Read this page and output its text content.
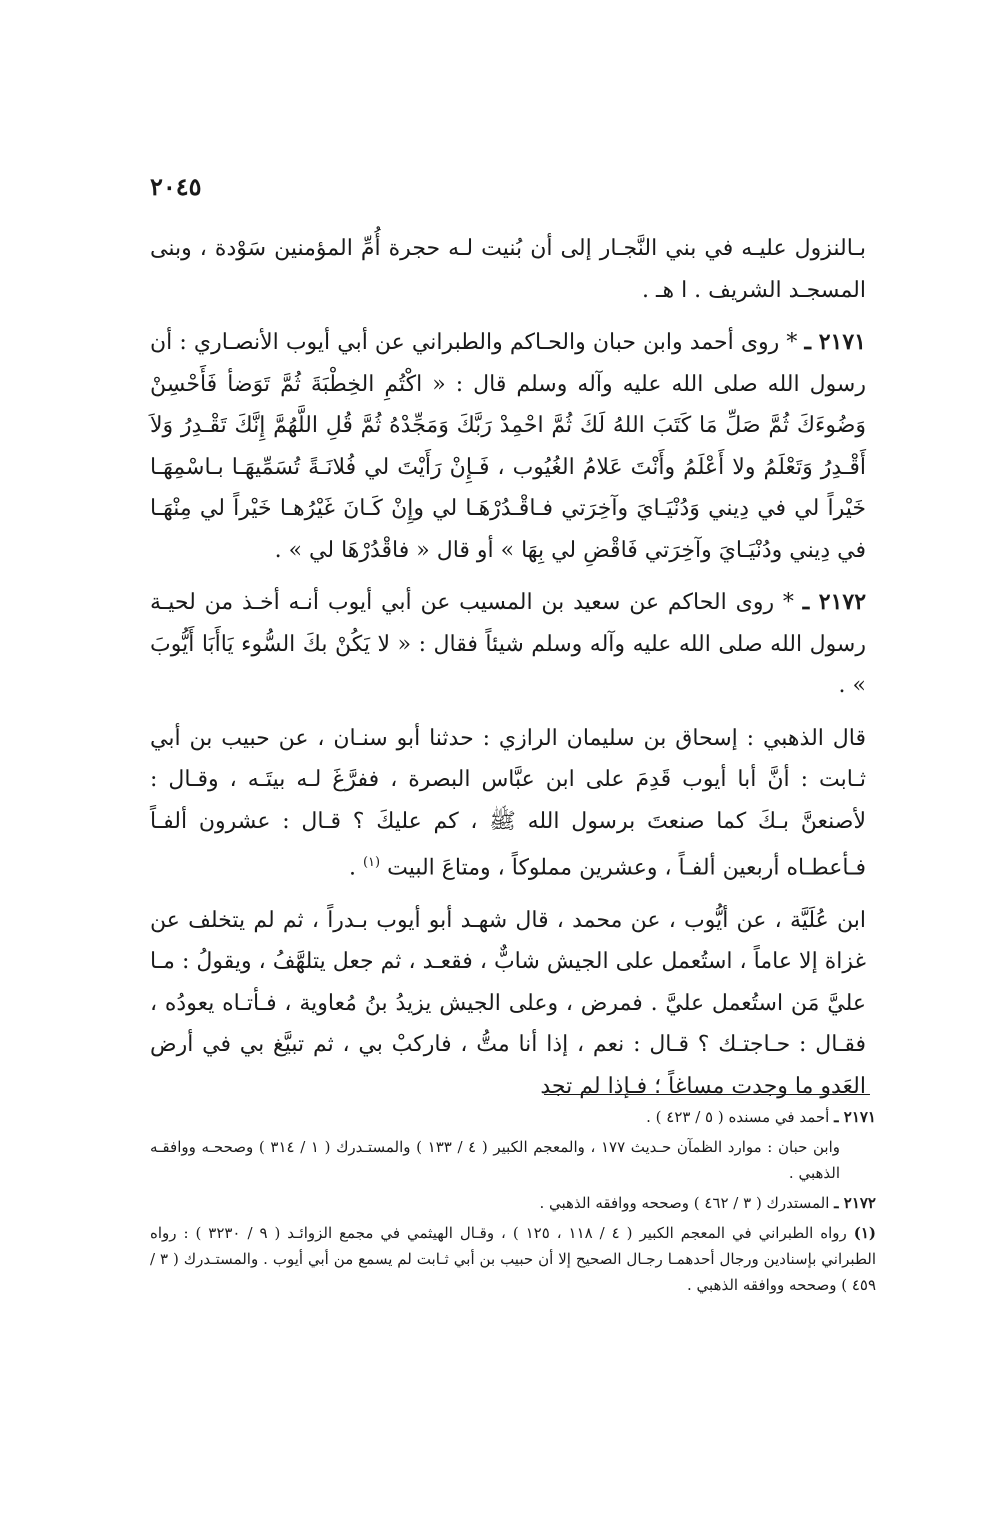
٢٠٤٥

بـالنزول عليـه في بني النَّجـار إلى أن بُنيت لـه حجرة أُمِّ المؤمنين سَوْدة ، وبنى المسجـد الشريف . ا هـ .

٢١٧١ ـ * روى أحمد وابن حبان والحـاكم والطبراني عن أبي أيوب الأنصـاري : أن رسول الله صلى الله عليه وآله وسلم قال : « اكْتُمِ الخِطْبَةَ ثُمَّ تَوَضأ فَأَحْسِنْ وَضُوءَكَ ثُمَّ صَلِّ مَا كَتَبَ اللهُ لَكَ ثُمَّ احْمِدْ رَبَّكَ وَمَجِّدْهُ ثُمَّ قُلِ اللَّهُمَّ إِنَّكَ تَقْـدِرُ وَلاَ أَقْـدِرُ وَتَعْلَمُ ولا أَعْلَمُ وأَنْتَ عَلامُ الغُيُوب ، فَـإِنْ رَأَيْتَ لي فُلانَـةً تُسَمِّيهَـا بـاسْمِهَـا خَيْراً لي في دِيني وَدُنْيَـايَ وآخِرَتي فـاقْـدُرْهَـا لي وإِنْ كَـانَ غَيْرُهـا خَيْراً لي مِنْهَـا في دِيني ودُنْيَـايَ وآخِرَتي فَاقْضِ لي بِهَا » أو قال « فاقْدُرْهَا لي » .

٢١٧٢ ـ * روى الحاكم عن سعيد بن المسيب عن أبي أيوب أنـه أخـذ من لحيـة رسول الله صلى الله عليه وآله وسلم شيئاً فقال : « لا يَكُنْ بكَ السُّوء يَاأَبَا أَيُّوبَ » .

قال الذهبي : إسحاق بن سليمان الرازي : حدثنا أبو سنـان ، عن حبيب بن أبي ثـابت : أنَّ أبا أيوب قَدِمَ على ابن عبَّاس البصرة ، ففرَّغَ لـه بيتَـه ، وقـال : لأصنعنَّ بـكَ كما صنعتَ برسول الله ﷺ ، كم عليكَ ؟ قـال : عشرون ألفـاً فـأعطـاه أربعين ألفـاً ، وعشرين مملوكاً ، ومتاعَ البيت $^{(١)}$ .

ابن عُلَيَّة ، عن أيُّوب ، عن محمد ، قال شهـد أبو أيوب بـدراً ، ثم لم يتخلف عن غزاة إلا عاماً ، استُعمل على الجيش شابٌّ ، فقعـد ، ثم جعل يتلهَّفُ ، ويقولُ : مـا عليَّ مَن استُعمل عليَّ . فمرض ، وعلى الجيش يزيدُ بنُ مُعاوية ، فـأتـاه يعودُه ، فقـال : حـاجتـك ؟ قـال : نعم ، إذا أنا متُّ ، فاركبْ بي ، ثم تبيَّغ بي في أرض العَدو ما وجدت مساغاً ؛ فـإذا لم تجد

٢١٧١ ـ أحمد في مسنده ( ٥ / ٤٢٣ ) .

وابن حبان : موارد الظمآن حـديث ١٧٧ ، والمعجم الكبير ( ٤ / ١٣٣ ) والمستـدرك ( ١ / ٣١٤ ) وصححـه ووافقـه الذهبي .

٢١٧٢ ـ المستدرك ( ٣ / ٤٦٢ ) وصححه ووافقه الذهبي .

(١) رواه الطبراني في المعجم الكبير ( ٤ / ١١٨ ، ١٢٥ ) ، وقـال الهيثمي في مجمع الزوائـد ( ٩ / ٣٢٣٠ ) : رواه الطبراني بإسنادين ورجال أحدهمـا رجـال الصحيح إلا أن حبيب بن أبي ثـابت لم يسمع من أبي أيوب . والمستـدرك ( ٣ / ٤٥٩ ) وصححه ووافقه الذهبي .
